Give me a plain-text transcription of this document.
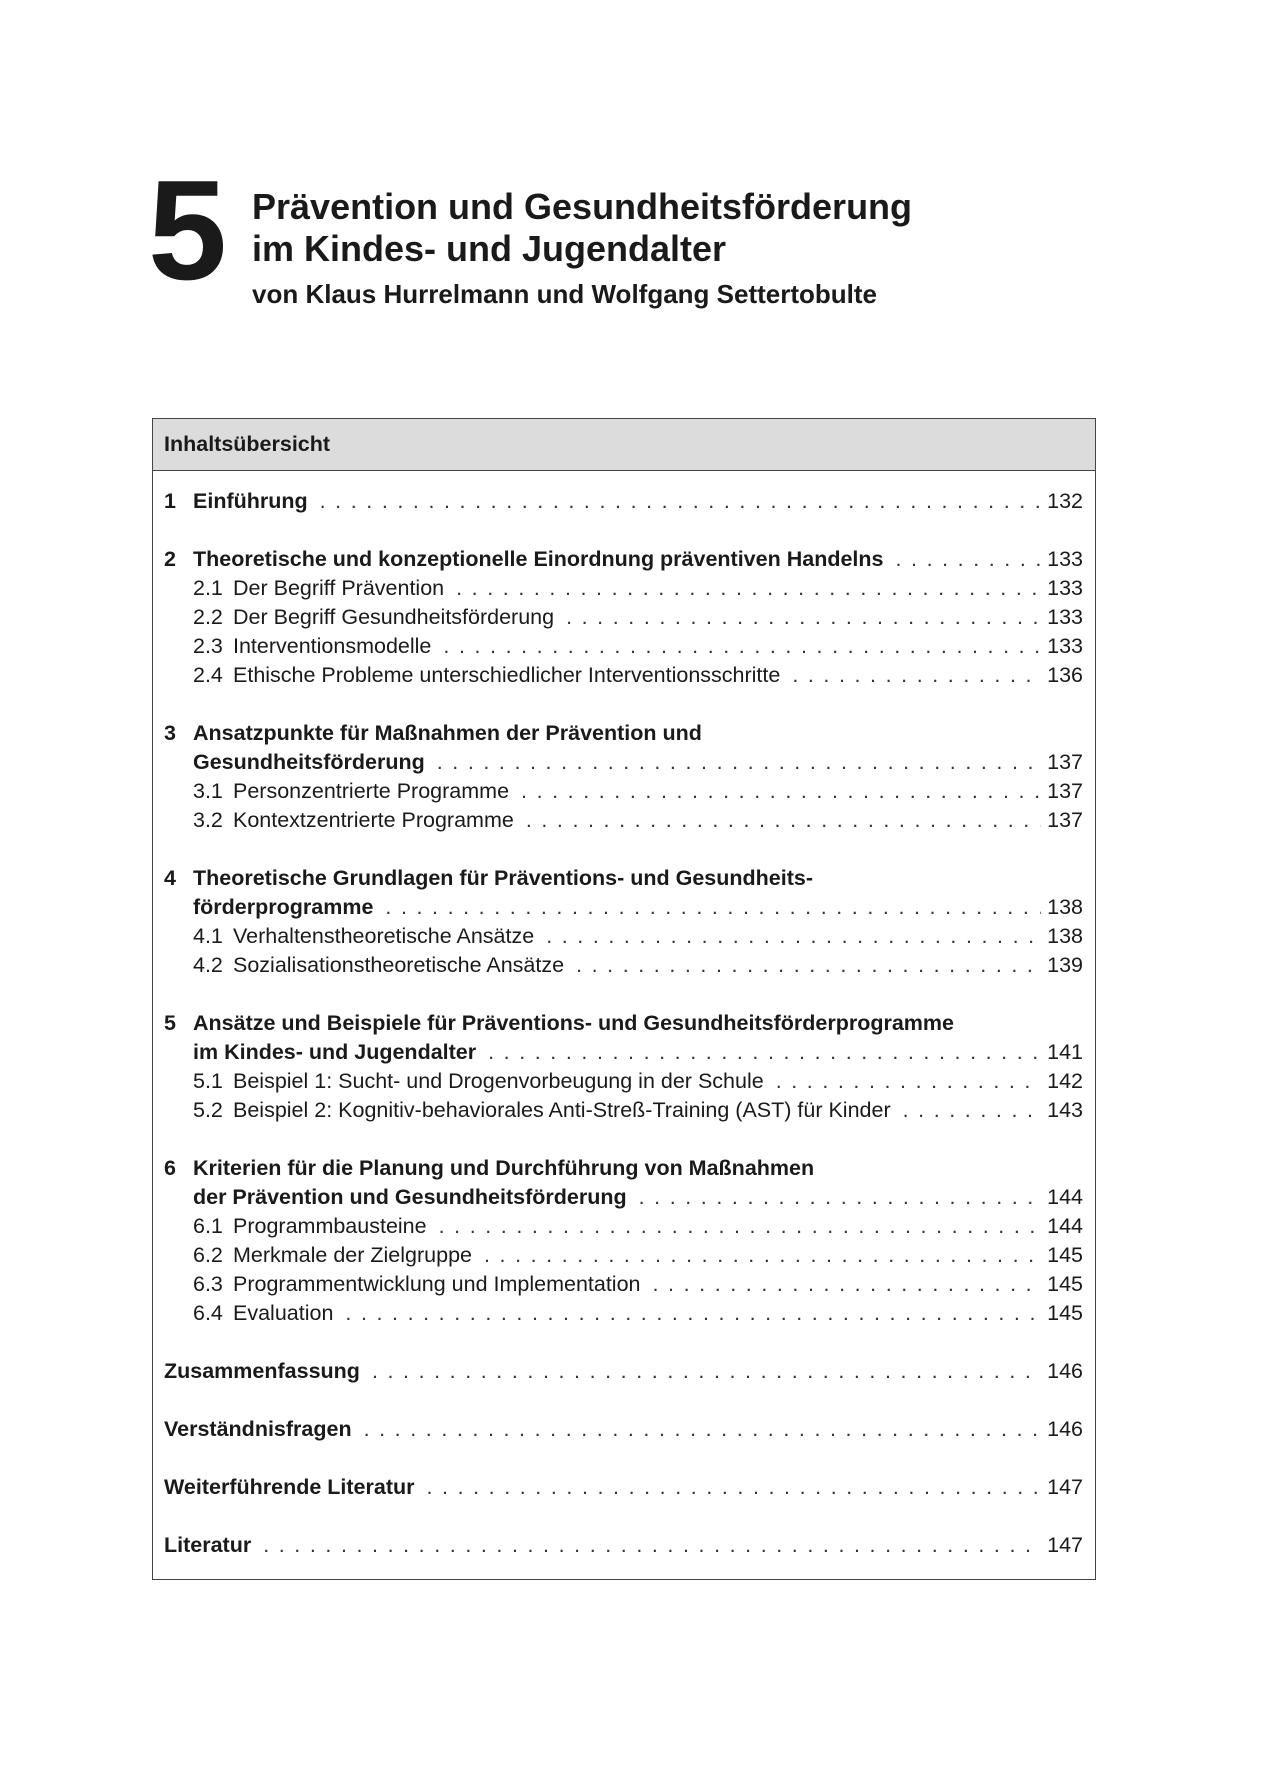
5 Prävention und Gesundheitsförderung
im Kindes- und Jugendalter

von Klaus Hurrelmann und Wolfgang Settertobulte

Inhaltsübersicht
1 Einführung . . .	132
2 Theoretische und konzeptionelle Einordnung präventiven Handelns . . .	133
2.1 Der Begriff Prävention . . .	133
2.2 Der Begriff Gesundheitsförderung . . .	133
2.3 Interventionsmodelle . . .	133
2.4 Ethische Probleme unterschiedlicher Interventionsschritte . . .	136
3 Ansatzpunkte für Maßnahmen der Prävention und
Gesundheitsförderung . . .	137
3.1 Personzentrierte Programme . . .	137
3.2 Kontextzentrierte Programme . . .	137
4 Theoretische Grundlagen für Präventions- und Gesundheits-
förderprogramme . . .	138
4.1 Verhaltenstheoretische Ansätze . . .	138
4.2 Sozialisationstheoretische Ansätze . . .	139
5 Ansätze und Beispiele für Präventions- und Gesundheitsförderprogramme
im Kindes- und Jugendalter . . .	141
5.1 Beispiel 1: Sucht- und Drogenvorbeugung in der Schule . . .	142
5.2 Beispiel 2: Kognitiv-behaviorales Anti-Streß-Training (AST) für Kinder . . .	143
6 Kriterien für die Planung und Durchführung von Maßnahmen
der Prävention und Gesundheitsförderung . . .	144
6.1 Programmbausteine . . .	144
6.2 Merkmale der Zielgruppe . . .	145
6.3 Programmentwicklung und Implementation . . .	145
6.4 Evaluation . . .	145
Zusammenfassung . . .	146
Verständnisfragen . . .	146
Weiterführende Literatur . . .	147
Literatur . . .	147
